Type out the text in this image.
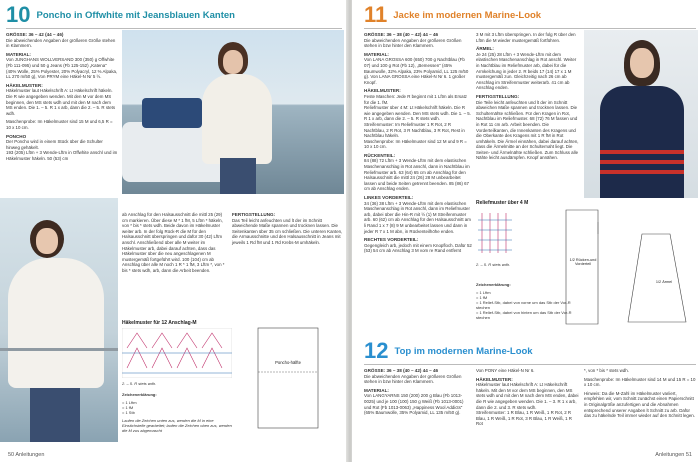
10 Poncho in Offwhite mit Jeansblauen Kanten

GRÖSSE: 36 – 42 (44 – 46)
Die abweichenden Angaben der größeren Größe stehen in Klammern.

MATERIAL:
Von JUNGHANS WOLLVERSAND 300 (350) g Offwhite (Fb 111-095) und 50 g Jeans (Fb 125-152) „Katena" (40% Wolle, 25% Polyester, 20% Polyacryl, 12 % Alpaka, LL 270 m/50 g), Von PRYM eine Häkel-N Nr 5 ½.

HÄKELMUSTER:
Häkelmuster laut Häkelschrift A: Lt Häkelschrift häkeln. Die R wie angegeben wenden. Mit den M vor dem MS beginnen, den MS stets wdh und mit den M nach dem MS enden. Die 1. – 5. R 1 x arb, dann die 2. – 5. R stets wdh.

Maschenprobe: Im Häkelmuster sind 15 M und 6,5 R = 10 x 10 cm.

PONCHO
Der Poncho wird in einem Stück über die Schulter hinweg gehäkelt.
193 (205) Lftm + 3 Wende-Lftm in Offwhite anschl und im Häkelmuster häkeln. 50 (53) cm

ab Anschlag für den Halsausschnitt die mittl 25 (29) cm markieren. Über diese M * 1 fM, 5 Lftm * häkeln, von * bis * stets wdh. Beide davon im Häkelmuster weiter arb. In der folg Rück-R die M für den Halsausschnitt überspringen und dafür 30 (42) Lftm anschl. Anschließend über alle M weiter im Häkelmuster arb, dabei darauf achten, dass das Häkelmuster über die neu angeschlagenen M mustergemäß fortgeführt wird. 100 (104) cm ab Anschlag über alle M noch 1 R * 1 fM, 3 Lftm *, von * bis * stets wdh, arb, dann die Arbeit beenden.

FERTIGSTELLUNG:
Das Teil leicht anfeuchten und lt der im Schnitt abweichende Maße spannen und trocknen lassen. Die Seitenkanten über 35 cm schließen. Die unteren Kanten, die Armausschnitte und den Halsausschnitt in Jeans mit jeweils 1 Rd fM und 1 Rd Krebs-M umhäkeln.

Häkelmuster für 12 Anschlag-M
2. – 5. R stets wdh.

Zeichenerklärung:

= 1 Lftm
= 1 fM
= 1 Stb

Laufen die Zeichen unten zus, werden die M in eine Einstichstelle gearbeitet; laufen die Zeichen oben zus, werden die M zus abgemascht

Poncho-hälfte
50 Anleitungen
11 Jacke im modernen Marine-Look

GRÖSSE: 36 – 38 (40 – 42) 44 – 46
Die abweichenden Angaben der größeren Größen stehen in bzw hinter den Klammern.

MATERIAL:
Von LANA GROSSA 600 (650) 700 g Nachtblau (Fb 07) und 100 g Rot (Fb 12), „Bemessen" (45% Baumwolle, 32% Alpaka, 23% Polyamid, LL 125 m/50 g). Von LANA GROSSA eine Häkel-N Nr 6. 1 großer Knopf.

HÄKELMUSTER:
Feste Maschen: Jede R beginnt mit 1 Lftm als Ersatz für die 1. fM.
Reliefmuster über 4 M: Lt Häkelschrift häkeln. Die R wie angegeben wenden. Den MS stets wdh. Die 1. – 5. R 1 x arb, dann die 2. – 5. R stets wdh.
Streifenmuster: Im Reliefmuster 1 R Rot, 2 R Nachtblau, 2 R Rot, 3 R Nachtblau, 3 R Rot, Rest in Nachtblau häkeln.
Maschenprobe: Im Häkelmuster sind 12 M und 9 R = 10 x 10 cm.

RÜCKENTEIL:
84 (88) 72 Lftm + 3 Wende-Lftm mit dem elastischen Maschenanschlag in Rot anschl, dann in Nachtblau im Reliefmuster arb. 63 (64) 65 cm ab Anschlag für den Halsausschnitt die mittl 24 (26) 28 M unbearbeitet lassen und beide Seiten getrennt beenden. 85 (86) 67 cm ab Anschlag enden.

LINKES VORDERTEIL:
34 (36) 38 Lftm + 3 Wende-Lftm mit dem elastischen Maschenanschlag in Rot anschl, dann im Reliefmuster arb, dabei über die Hin-R mit ½ (1) M Streifenmuster arb. 60 (62) cm ab Anschlag für den Halsausschnitt am li Rand 1 x 7 (8) 9 M unbearbeitet lassen und dann in jeder R 7 x 1 M abn, in Rückenteilhöhe enden.

RECHTES VORDERTEIL:
Gegengleich arb, jedoch mit einem Knopfloch. Dafür 52 (53) 54 cm ab Anschlag 3 M vom re Rand entfernt

3 M mit 3 Lftm überspringen. In der folg R über den Lftm die M wieder mustergemäß fortführen.

ÄRMEL:
Je 24 (25) 28 Lftm + 3 Wende-Lftm mit dem elastischen Maschenanschlag in Rot anschl. Weiter in Nachtblau im Reliefmuster arb, dabei für die Armkelchung in jeder 2. R beids 17 (14) 17 x 1 M mustergemäß zun. Gleichzeitig nach 26 cm ab Anschlag im Streifenmuster weiterarb. 41 cm ab Anschlag enden.

FERTIGSTELLUNG:
Die Teile leicht anfeuchten und lt der im Schnitt abweichen Maße spannen und trocknen lassen. Die Schulternähte schließen. Für den Kragen in Rot, Nachtblau im Reliefmuster. 68 (72) 76 M fassen und in Rot 11 cm arb. Arbeit beenden. Die Vorderteilkanten, die Innenkanten des Kragens und die Oberkante des Kragens mit 1 R fM in Rot umhäkeln. Die Ärmel einnähen, dabei darauf achten, dass die Ärmelmitte an der Schulternaht liegt. Die Seiten- und Ärmelnähte schließen. Zum Schluss alle Nähte leicht ausdämpfen. Knopf annähen.

Reliefmuster über 4 M
2. – 5. R stets wdh.

Zeichenerklärung:

= 1 Lftm
= 1 fM
= 1 Relief-Stb, dabei von vorne um das Stb der Vor-R stechen
= 1 Relief-Stb, dabei von hinten um das Stb der Vor-R stechen

1/2 Rücken-und Vorderteil
1/2 Ärmel
12 Top im modernen Marine-Look

GRÖSSE: 36 – 38 (40 – 42) 44 – 46
Die abweichenden Angaben der größeren Größen stehen in bzw hinter den Klammern.

MATERIAL:
Von LANGYARNS 150 (200) 200 g Blau (Fb 1013-0025) und je 100 (100) 150 g Weiß (Fb 1013-0001) und Rot (Fb 1013-0063) „Happiness Wool Addicts" (65% Baumwolle, 35% Polyamid, LL 135 m/50 g).

Von PONY eine Häkel-N Nr 6.

HÄKELMUSTER:
Häkelmuster laut Häkelschrift A: Lt Häkelschrift häkeln. Mit den M vor dem MS beginnen, den MS stets wdh und mit den M nach dem MS enden, dabei die R wie angegeben wenden. Die 1. – 3. R 1 x arb, dann die 2. und 3. R stets wdh.
Streifenmuster: 1 R Blau, 1 R Weiß, 1 R Rot, 2 R Blau, 1 R Weiß, 1 R Rot, 3 R Blau, 1 R Weiß, 1 R Rot

*, von * bis * stets wdh.

Maschenprobe: Im Häkelmuster sind 14 M und 15 R = 10 x 10 cm.

Hinweis: Da die M-Zahl im Häkelmuster variiert, empfehlen wir, vom Schnitt zunächst einen Papierschnitt in Originalgröße anzufertigen und die Abnahmen entsprechend unserer Angaben lt Schnitt zu arb. Dafür das zu häkelnde Teil immer wieder auf den Schnitt legen.

Anleitungen 51
